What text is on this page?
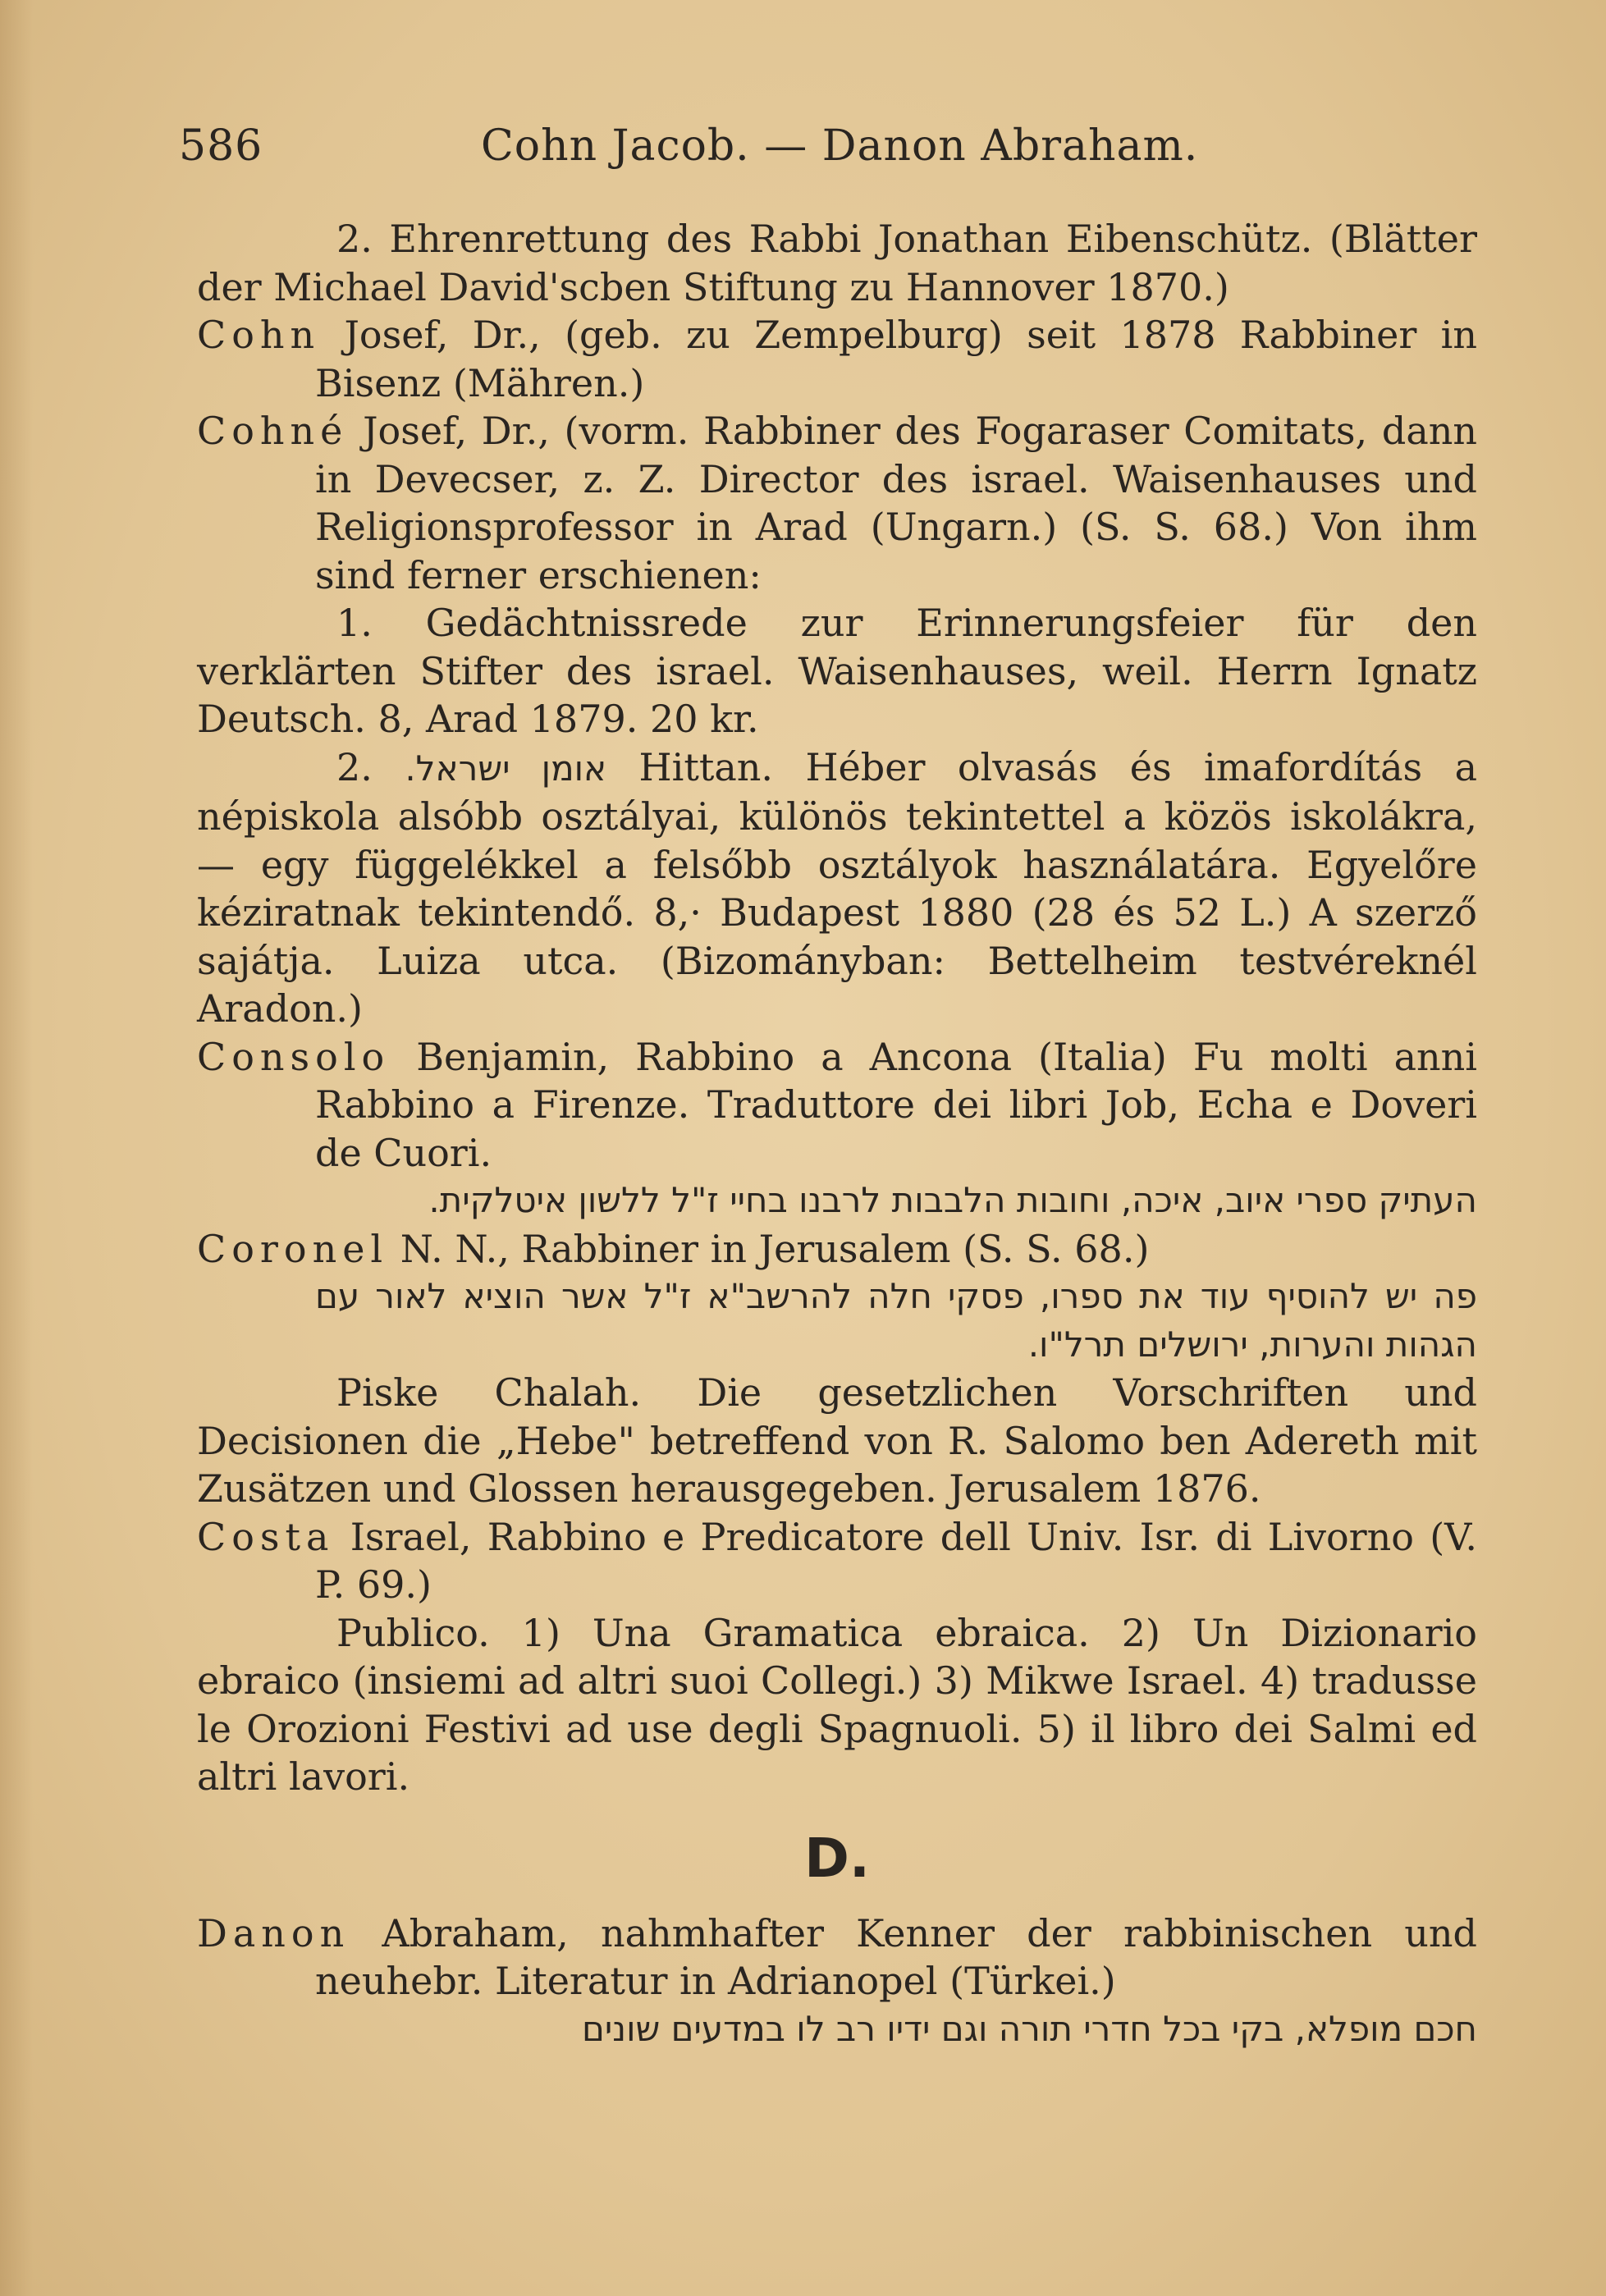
586	Cohn Jacob. — Danon Abraham.

2. Ehrenrettung des Rabbi Jonathan Eibenschütz. (Blätter der Michael David'scben Stiftung zu Hannover 1870.)

Cohn Josef, Dr., (geb. zu Zempelburg) seit 1878 Rabbiner in Bisenz (Mähren.)

Cohné Josef, Dr., (vorm. Rabbiner des Fogaraser Comitats, dann in Devecser, z. Z. Director des israel. Waisenhauses und Religionsprofessor in Arad (Ungarn.) (S. S. 68.) Von ihm sind ferner erschienen:

1. Gedächtnissrede zur Erinnerungsfeier für den verklärten Stifter des israel. Waisenhauses, weil. Herrn Ignatz Deutsch. 8, Arad 1879. 20 kr.

2. אומן ישראל. Hittan. Héber olvasás és imafordítás a népiskola alsóbb osztályai, különös tekintettel a közös iskolákra, — egy függelékkel a felsőbb osztályok használatára. Egyelőre kéziratnak tekintendő. 8,· Budapest 1880 (28 és 52 L.) A szerző sajátja. Luiza utca. (Bizományban: Bettelheim testvéreknél Aradon.)

Consolo Benjamin, Rabbino a Ancona (Italia) Fu molti anni Rabbino a Firenze. Traduttore dei libri Job, Echa e Doveri de Cuori.

העתיק ספרי איוב, איכה, וחובות הלבבות לרבנו בחיי ז"ל ללשון איטלקית.

Coronel N. N., Rabbiner in Jerusalem (S. S. 68.)

פה יש להוסיף עוד את ספרו, פסקי חלה להרשב"א ז"ל אשר הוציא לאור עם הגהות והערות, ירושלים תרל"ו.

Piske Chalah. Die gesetzlichen Vorschriften und Decisionen die „Hebe" betreffend von R. Salomo ben Adereth mit Zusätzen und Glossen herausgegeben. Jerusalem 1876.

Costa Israel, Rabbino e Predicatore dell Univ. Isr. di Livorno (V. P. 69.)

Publico. 1) Una Gramatica ebraica. 2) Un Dizionario ebraico (insiemi ad altri suoi Collegi.) 3) Mikwe Israel. 4) tradusse le Orozioni Festivi ad use degli Spagnuoli. 5) il libro dei Salmi ed altri lavori.

D.

Danon Abraham, nahmhafter Kenner der rabbinischen und neuhebr. Literatur in Adrianopel (Türkei.)

חכם מופלא, בקי בכל חדרי תורה וגם ידיו רב לו במדעים שונים
